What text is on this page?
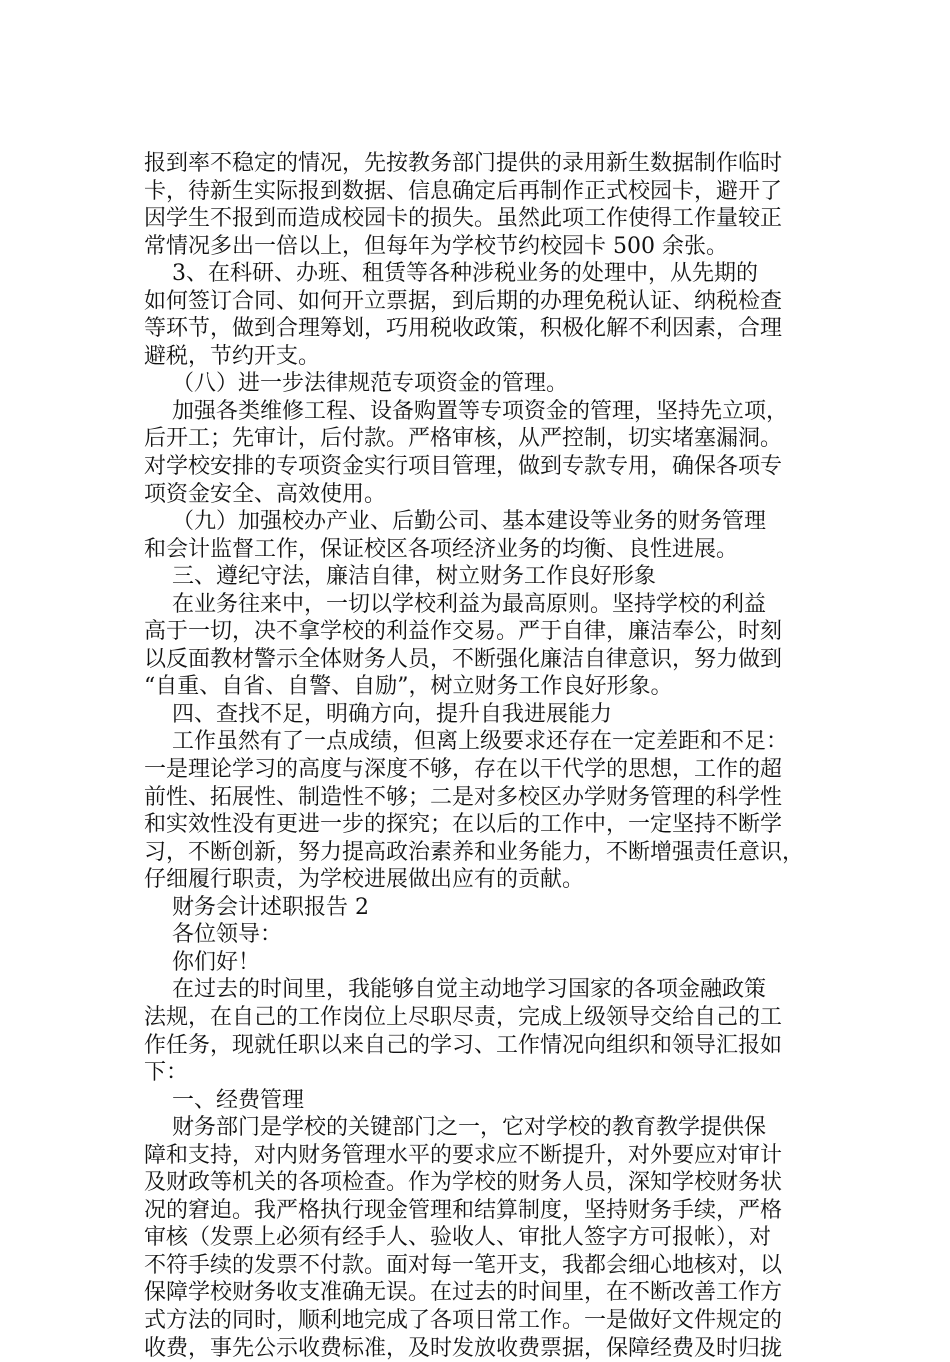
报到率不稳定的情况，先按教务部门提供的录用新生数据制作临时
卡，待新生实际报到数据、信息确定后再制作正式校园卡，避开了
因学生不报到而造成校园卡的损失。虽然此项工作使得工作量较正
常情况多出一倍以上，但每年为学校节约校园卡 500 余张。
3、在科研、办班、租赁等各种涉税业务的处理中，从先期的
如何签订合同、如何开立票据，到后期的办理免税认证、纳税检查
等环节，做到合理筹划，巧用税收政策，积极化解不利因素，合理
避税，节约开支。
（八）进一步法律规范专项资金的管理。
加强各类维修工程、设备购置等专项资金的管理，坚持先立项，
后开工；先审计，后付款。严格审核，从严控制，切实堵塞漏洞。
对学校安排的专项资金实行项目管理，做到专款专用，确保各项专
项资金安全、高效使用。
（九）加强校办产业、后勤公司、基本建设等业务的财务管理
和会计监督工作，保证校区各项经济业务的均衡、良性进展。
三、遵纪守法，廉洁自律，树立财务工作良好形象
在业务往来中，一切以学校利益为最高原则。坚持学校的利益
高于一切，决不拿学校的利益作交易。严于自律，廉洁奉公，时刻
以反面教材警示全体财务人员，不断强化廉洁自律意识，努力做到
“自重、自省、自警、自励”，树立财务工作良好形象。
四、查找不足，明确方向，提升自我进展能力
工作虽然有了一点成绩，但离上级要求还存在一定差距和不足：
一是理论学习的高度与深度不够，存在以干代学的思想，工作的超
前性、拓展性、制造性不够；二是对多校区办学财务管理的科学性
和实效性没有更进一步的探究；在以后的工作中，一定坚持不断学
习，不断创新，努力提高政治素养和业务能力，不断增强责任意识，
仔细履行职责，为学校进展做出应有的贡献。
财务会计述职报告 2
各位领导：
你们好！
在过去的时间里，我能够自觉主动地学习国家的各项金融政策
法规，在自己的工作岗位上尽职尽责，完成上级领导交给自己的工
作任务，现就任职以来自己的学习、工作情况向组织和领导汇报如
下：
一、经费管理
财务部门是学校的关键部门之一，它对学校的教育教学提供保
障和支持，对内财务管理水平的要求应不断提升，对外要应对审计
及财政等机关的各项检查。作为学校的财务人员，深知学校财务状
况的窘迫。我严格执行现金管理和结算制度，坚持财务手续，严格
审核（发票上必须有经手人、验收人、审批人签字方可报帐），对
不符手续的发票不付款。面对每一笔开支，我都会细心地核对，以
保障学校财务收支准确无误。在过去的时间里，在不断改善工作方
式方法的同时，顺利地完成了各项日常工作。一是做好文件规定的
收费，事先公示收费标准，及时发放收费票据，保障经费及时归拢
